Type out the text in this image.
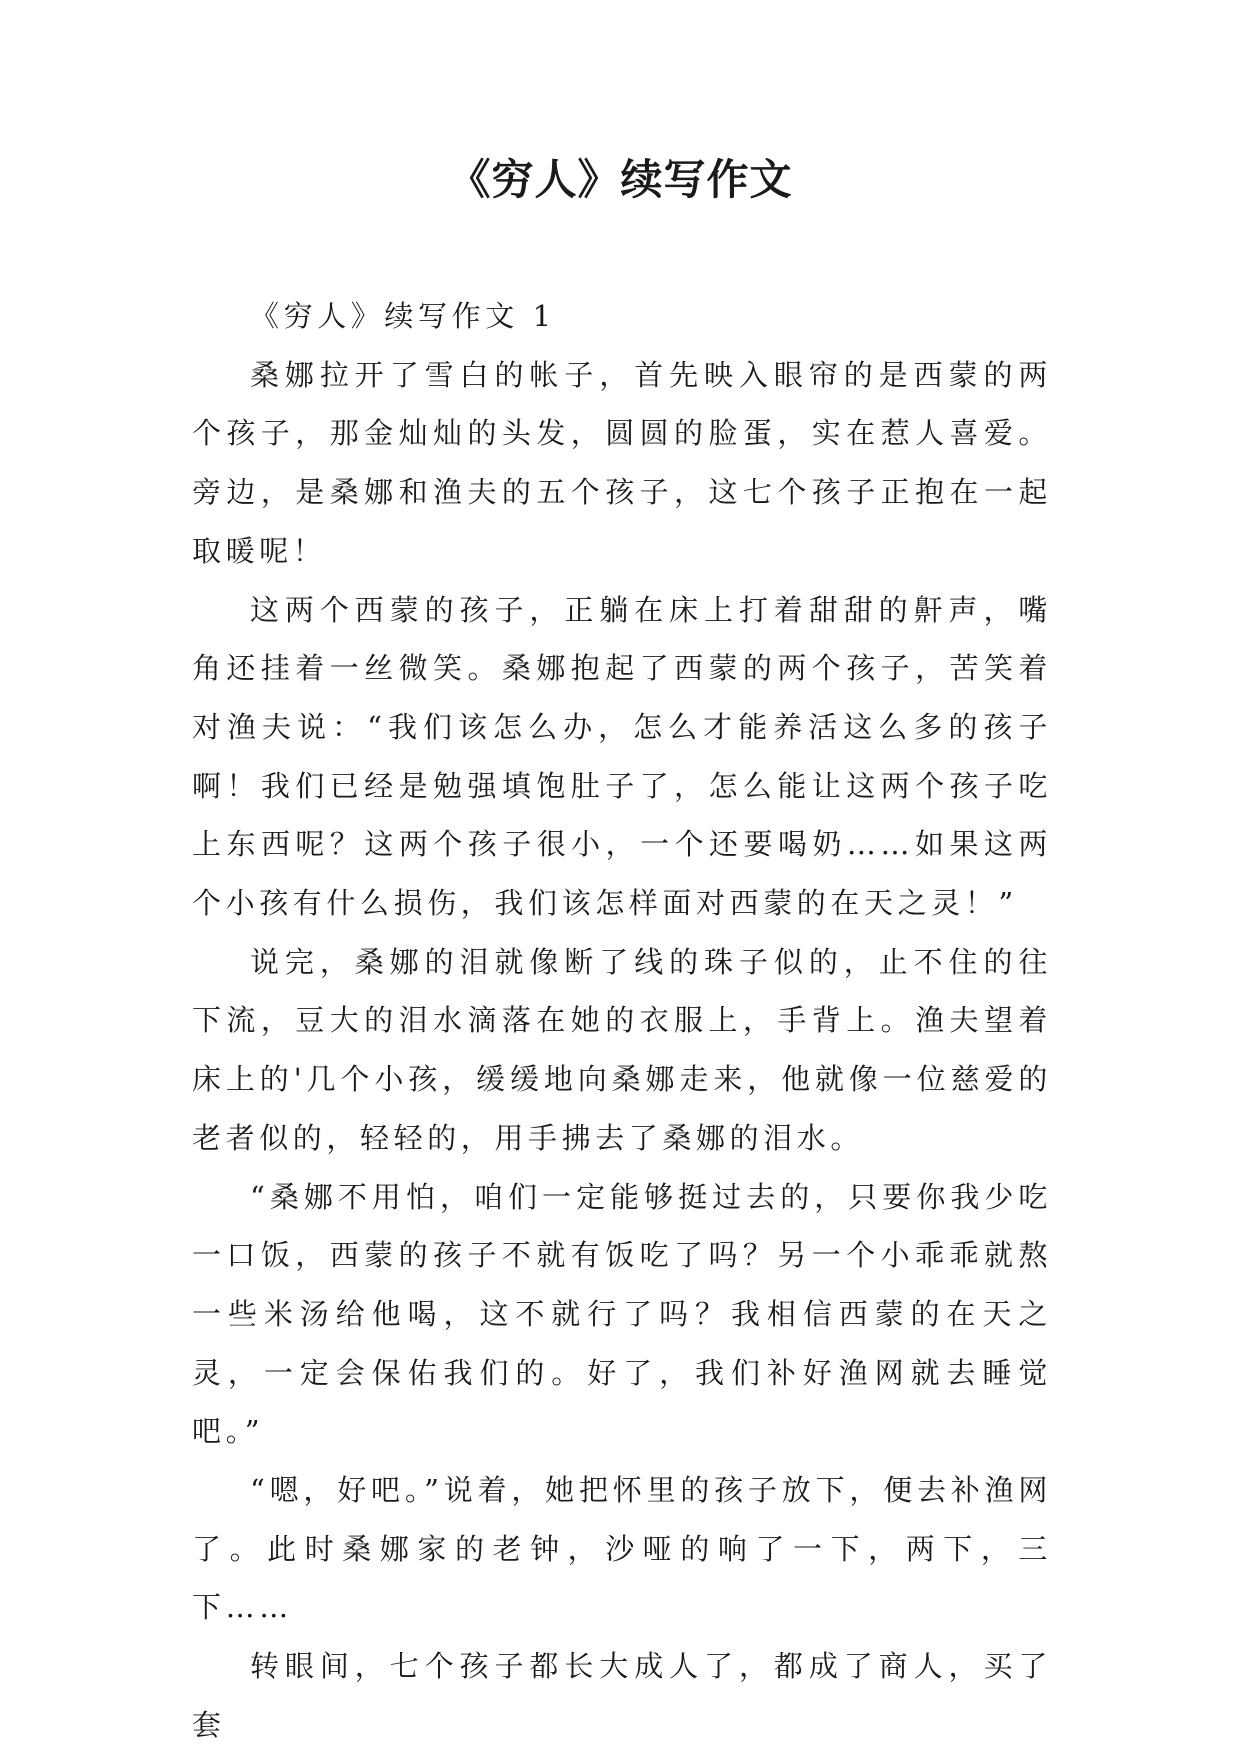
《穷人》续写作文

《穷人》续写作文 1

桑娜拉开了雪白的帐子，首先映入眼帘的是西蒙的两个孩子，那金灿灿的头发，圆圆的脸蛋，实在惹人喜爱。旁边，是桑娜和渔夫的五个孩子，这七个孩子正抱在一起取暖呢！

这两个西蒙的孩子，正躺在床上打着甜甜的鼾声，嘴角还挂着一丝微笑。桑娜抱起了西蒙的两个孩子，苦笑着对渔夫说：“我们该怎么办，怎么才能养活这么多的孩子啊！我们已经是勉强填饱肚子了，怎么能让这两个孩子吃上东西呢？这两个孩子很小，一个还要喝奶……如果这两个小孩有什么损伤，我们该怎样面对西蒙的在天之灵！”

说完，桑娜的泪就像断了线的珠子似的，止不住的往下流，豆大的泪水滴落在她的衣服上，手背上。渔夫望着床上的'几个小孩，缓缓地向桑娜走来，他就像一位慈爱的老者似的，轻轻的，用手拂去了桑娜的泪水。

“桑娜不用怕，咱们一定能够挺过去的，只要你我少吃一口饭，西蒙的孩子不就有饭吃了吗？另一个小乖乖就熬一些米汤给他喝，这不就行了吗？我相信西蒙的在天之灵，一定会保佑我们的。好了，我们补好渔网就去睡觉吧。”

“嗯，好吧。”说着，她把怀里的孩子放下，便去补渔网了。此时桑娜家的老钟，沙哑的响了一下，两下，三下……

转眼间，七个孩子都长大成人了，都成了商人，买了套
